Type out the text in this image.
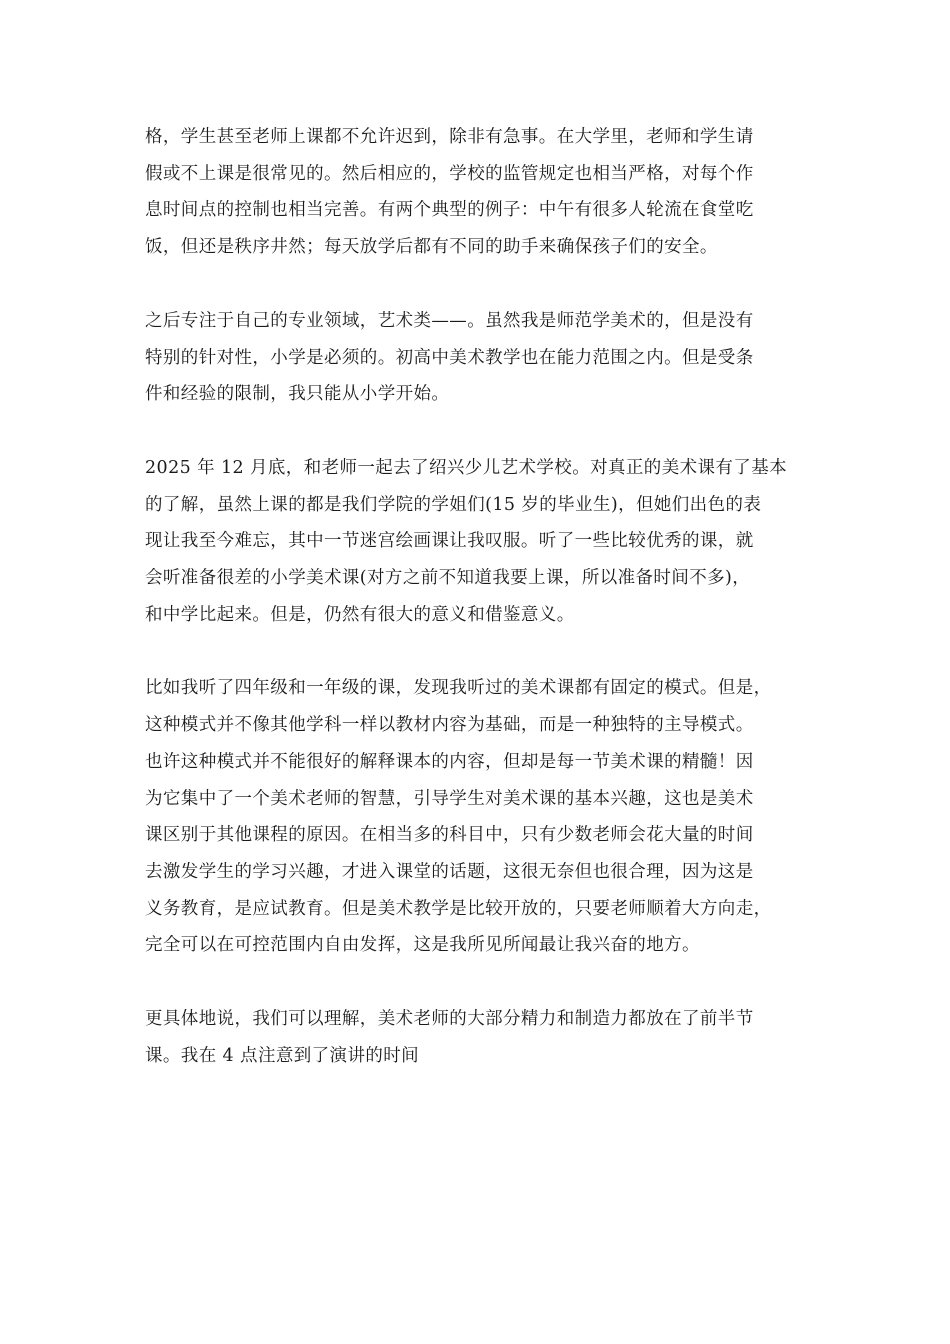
格，学生甚至老师上课都不允许迟到，除非有急事。在大学里，老师和学生请
假或不上课是很常见的。然后相应的，学校的监管规定也相当严格，对每个作
息时间点的控制也相当完善。有两个典型的例子：中午有很多人轮流在食堂吃
饭，但还是秩序井然；每天放学后都有不同的助手来确保孩子们的安全。

之后专注于自己的专业领域，艺术类——。虽然我是师范学美术的，但是没有
特别的针对性，小学是必须的。初高中美术教学也在能力范围之内。但是受条
件和经验的限制，我只能从小学开始。

2025 年 12 月底，和老师一起去了绍兴少儿艺术学校。对真正的美术课有了基本
的了解，虽然上课的都是我们学院的学姐们(15 岁的毕业生)，但她们出色的表
现让我至今难忘，其中一节迷宫绘画课让我叹服。听了一些比较优秀的课，就
会听准备很差的小学美术课(对方之前不知道我要上课，所以准备时间不多)，
和中学比起来。但是，仍然有很大的意义和借鉴意义。

比如我听了四年级和一年级的课，发现我听过的美术课都有固定的模式。但是，
这种模式并不像其他学科一样以教材内容为基础，而是一种独特的主导模式。
也许这种模式并不能很好的解释课本的内容，但却是每一节美术课的精髓！因
为它集中了一个美术老师的智慧，引导学生对美术课的基本兴趣，这也是美术
课区别于其他课程的原因。在相当多的科目中，只有少数老师会花大量的时间
去激发学生的学习兴趣，才进入课堂的话题，这很无奈但也很合理，因为这是
义务教育，是应试教育。但是美术教学是比较开放的，只要老师顺着大方向走，
完全可以在可控范围内自由发挥，这是我所见所闻最让我兴奋的地方。

更具体地说，我们可以理解，美术老师的大部分精力和制造力都放在了前半节
课。我在 4 点注意到了演讲的时间
